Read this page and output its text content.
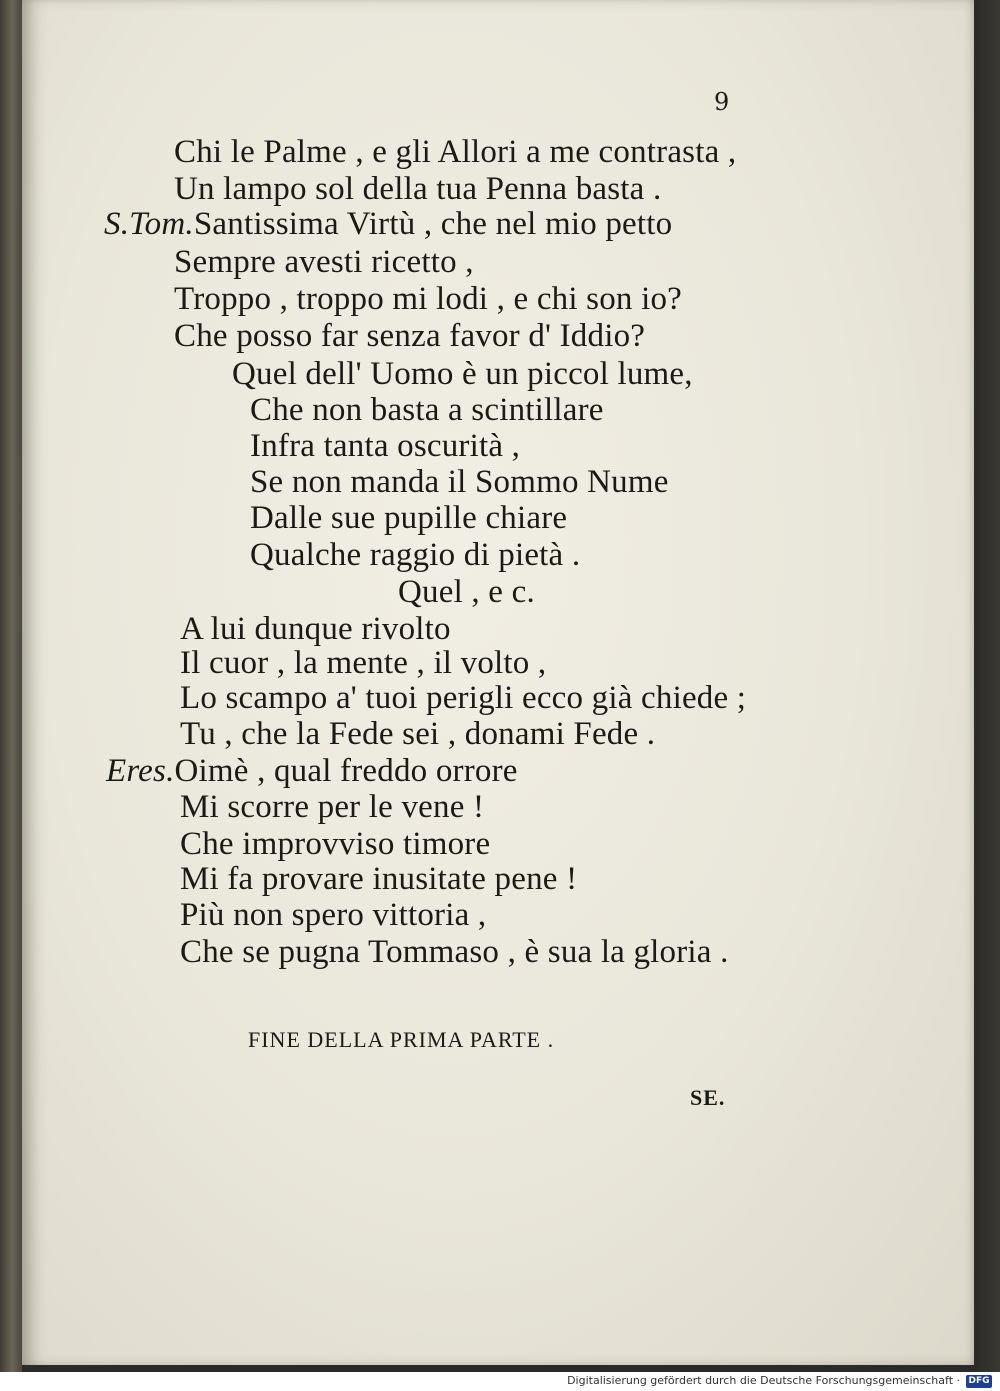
9
Chi le Palme , e gli Allori a me contrasta ,
Un lampo sol della tua Penna basta .
S.Tom.Santissima Virtù , che nel mio petto
Sempre avesti ricetto ,
Troppo , troppo mi lodi , e chi son io?
Che posso far senza favor d' Iddio?
Quel dell' Uomo è un piccol lume,
Che non basta a scintillare
Infra tanta oscurità ,
Se non manda il Sommo Nume
Dalle sue pupille chiare
Qualche raggio di pietà .
Quel , e c.
A lui dunque rivolto
Il cuor , la mente , il volto ,
Lo scampo a' tuoi perigli ecco già chiede ;
Tu , che la Fede sei , donami Fede .
Eres.Oimè , qual freddo orrore
Mi scorre per le vene !
Che improvviso timore
Mi fa provare inusitate pene !
Più non spero vittoria ,
Che se pugna Tommaso , è sua la gloria .
FINE DELLA PRIMA PARTE .
SE.
Digitalisierung gefördert durch die Deutsche Forschungsgemeinschaft · DFG
